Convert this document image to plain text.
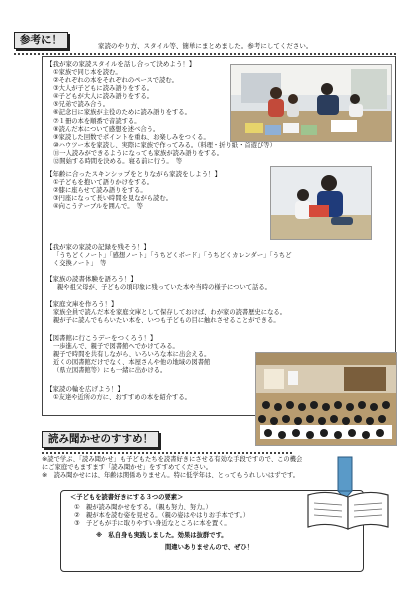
参考に！	家読のやり方、スタイル等、簡単にまとめました。参考にしてください。
【我が家の家読スタイルを話し合って決めよう！】
①家族で同じ本を読む。
②それぞれの本をそれぞれのペースで読む。
③大人が子どもに読み語りをする。
④子どもが大人に読み語りをする。
⑤兄弟で読み合う。
⑥記念日に家族が主役のために読み語りをする。
⑦１冊の本を順番で音読する。
⑧読んだ本について感想を述べ合う。
⑨家読した回数でポイントを重ね、お楽しみをつくる。
⑩ハウツー本を家読し、実際に家族で作ってみる。（料理・折り紙・首遊び等）
⑪一人読みができるようになっても家族が読み語りをする。
⑫開始する時間を決める。寝る前に行う。　等
【年齢に合ったスキンシップをとりながら家読をしよう！】
①子どもを抱いて語りかけをする。
②膝に座らせて読み語りをする。
③円座になって長い時間を見ながら読む。
④向こうテーブルを囲んで。　等
【我が家の家読の記録を残そう！】
「うちどくノート」「感想ノート」「うちどくボード」「うちどくカレンダー」「うちど
く交換ノート」　等
【家族の読書体験を語ろう！】
親や祖父母が、子どもの頃印象に残っていた本や当時の様子について話る。
【家庭文庫を作ろう！】
家族全員で読んだ本を家庭文庫として保存しておけば、わが家の読書歴史になる。
親が子に読んでもらいたい本を、いつも子どもの目に触れさせることができる。
【図書館に行こうデーをつくろう！】
一歩進んで、親子で図書館へでかけてみる。
親子で時間を共有しながら、いろいろな本に出会える。
近くの図書館だけでなく、本屋さんや他の地域の図書館
（県立図書館等）にも一緒に出かける。
【家読の輪を広げよう！】
①友達や近所の方に、おすすめの本を紹介する。
読み聞かせのすすめ！
※読で学ぶ、「読み聞かせ」も子どもたちを読書好きにさせる有効な手段ですので、この機会
にご家庭でもますます「読み聞かせ」をすすめてください。
※　読み聞かせには、年齢は関係ありません。特に低学年は、とってもうれしいはずです。
＜子どもを読書好きにする３つの要素＞
①　親が読み聞かせをする。（親も努力、努力。）
②　親が本を読む姿を見せる。（親の姿はやはりお手本です。）
③　子どもが手に取りやすい身近なところに本を置く。
※　私自身も実践しました。効果は抜群です。
間違いありませんので、ぜひ！
